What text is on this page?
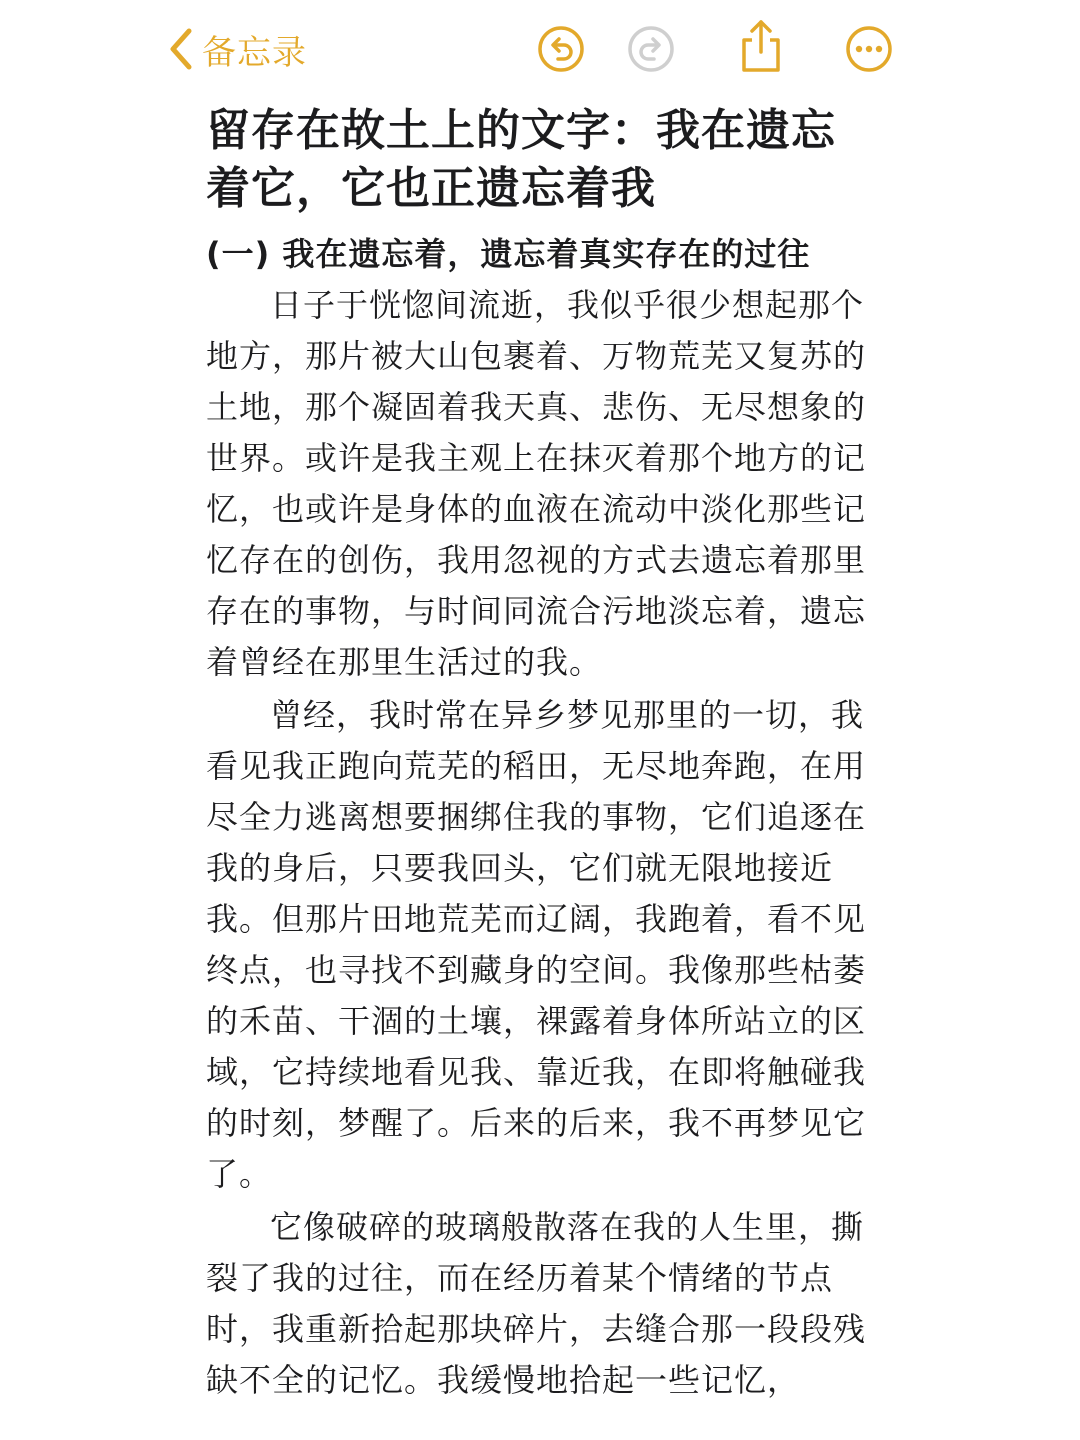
备忘录
留存在故土上的文字：我在遗忘着它，它也正遗忘着我
(一) 我在遗忘着，遗忘着真实存在的过往

日子于恍惚间流逝，我似乎很少想起那个地方，那片被大山包裹着、万物荒芜又复苏的土地，那个凝固着我天真、悲伤、无尽想象的世界。或许是我主观上在抹灭着那个地方的记忆，也或许是身体的血液在流动中淡化那些记忆存在的创伤，我用忽视的方式去遗忘着那里存在的事物，与时间同流合污地淡忘着，遗忘着曾经在那里生活过的我。

曾经，我时常在异乡梦见那里的一切，我看见我正跑向荒芜的稻田，无尽地奔跑，在用尽全力逃离想要捆绑住我的事物，它们追逐在我的身后，只要我回头，它们就无限地接近我。但那片田地荒芜而辽阔，我跑着，看不见终点，也寻找不到藏身的空间。我像那些枯萎的禾苗、干涸的土壤，裸露着身体所站立的区域，它持续地看见我、靠近我，在即将触碰我的时刻，梦醒了。后来的后来，我不再梦见它了。

它像破碎的玻璃般散落在我的人生里，撕裂了我的过往，而在经历着某个情绪的节点时，我重新拾起那块碎片，去缝合那一段段残缺不全的记忆。我缓慢地拾起一些记忆，
